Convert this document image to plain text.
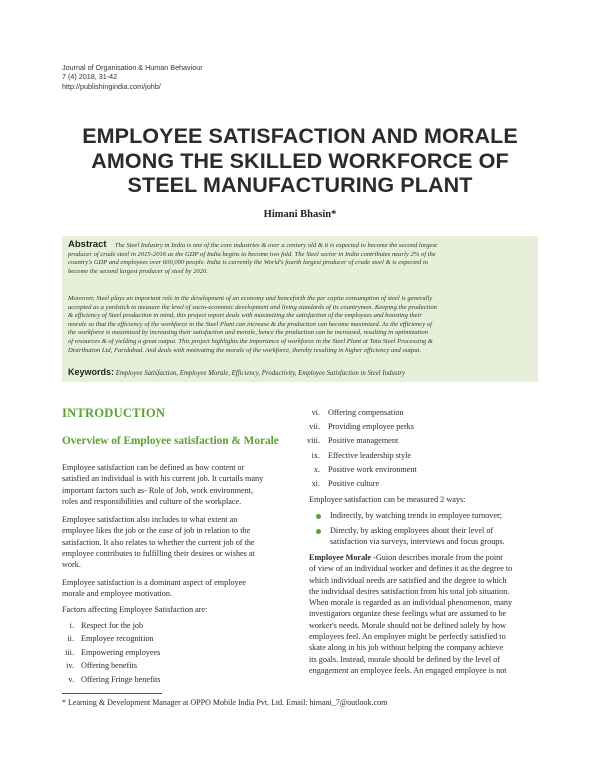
Journal of Organisation & Human Behaviour
7 (4) 2018, 31-42
http://publishingindia.com/johb/
EMPLOYEE SATISFACTION AND MORALE
AMONG THE SKILLED WORKFORCE OF
STEEL MANUFACTURING PLANT
Himani Bhasin*
Abstract The Steel Industry in India is one of the core industries & over a century old & it is expected to become the second largest
producer of crude steel in 2015-2016 as the GDP of India begins to become two fold. The Steel sector in India contributes nearly 2% of the
country's GDP and employees over 600,000 people. India is currently the World's fourth largest producer of crude steel & is expected to
become the second largest producer of steel by 2020.
Moreover, Steel plays an important role in the development of an economy and henceforth the per capita consumption of steel is generally
accepted as a yardstick to measure the level of socio-economic development and living standards of its countrymen. Keeping the production
& efficiency of Steel production in mind, this project report deals with maximizing the satisfaction of the employees and boosting their
morale so that the efficiency of the workforce in the Steel Plant can increase & the production can become maximized. As the efficiency of
the workforce is maximized by increasing their satisfaction and morale, hence the production can be increased, resulting in optimization
of resources & of yielding a great output. This project highlights the importance of workforce in the Steel Plant at Tata Steel Processing &
Distribution Ltd, Faridabad. And deals with motivating the morale of the workforce, thereby resulting in higher efficiency and output.
Keywords: Employee Satisfaction, Employee Morale, Efficiency, Productivity, Employee Satisfaction in Steel Industry
INTRODUCTION
Overview of Employee satisfaction & Morale
Employee satisfaction can be defined as how content or
satisfied an individual is with his current job. It curtails many
important factors such as- Role of Job, work environment,
roles and responsibilities and culture of the workplace.
Employee satisfaction also includes to what extent an
employee likes the job or the ease of job in relation to the
satisfaction. It also relates to whether the current job of the
employee contributes to fulfilling their desires or wishes at
work.
Employee satisfaction is a dominant aspect of employee
morale and employee motivation.
Factors affecting Employee Satisfaction are:
i. Respect for the job
ii. Employee recognition
iii. Empowering employees
iv. Offering benefits
v. Offering Fringe benefits
vi. Offering compensation
vii. Providing employee perks
viii. Positive management
ix. Effective leadership style
x. Positive work environment
xi. Positive culture
Employee satisfaction can be measured 2 ways:
Indirectly, by watching trends in employee turnover;
Directly, by asking employees about their level of
satisfaction via surveys, interviews and focus groups.
Employee Morale -Guion describes morale from the point
of view of an individual worker and defines it as the degree to
which individual needs are satisfied and the degree to which
the individual desires satisfaction from his total job situation.
When morale is regarded as an individual phenomenon, many
investigators organize these feelings what are assumed to be
worker's needs. Morale should not be defined solely by how
employees feel. An employee might be perfectly satisfied to
skate along in his job without helping the company achieve
its goals. Instead, morale should be defined by the level of
engagement an employee feels. An engaged employee is not
* Learning & Development Manager at OPPO Mobile India Pvt. Ltd. Email: himani_7@outlook.com
